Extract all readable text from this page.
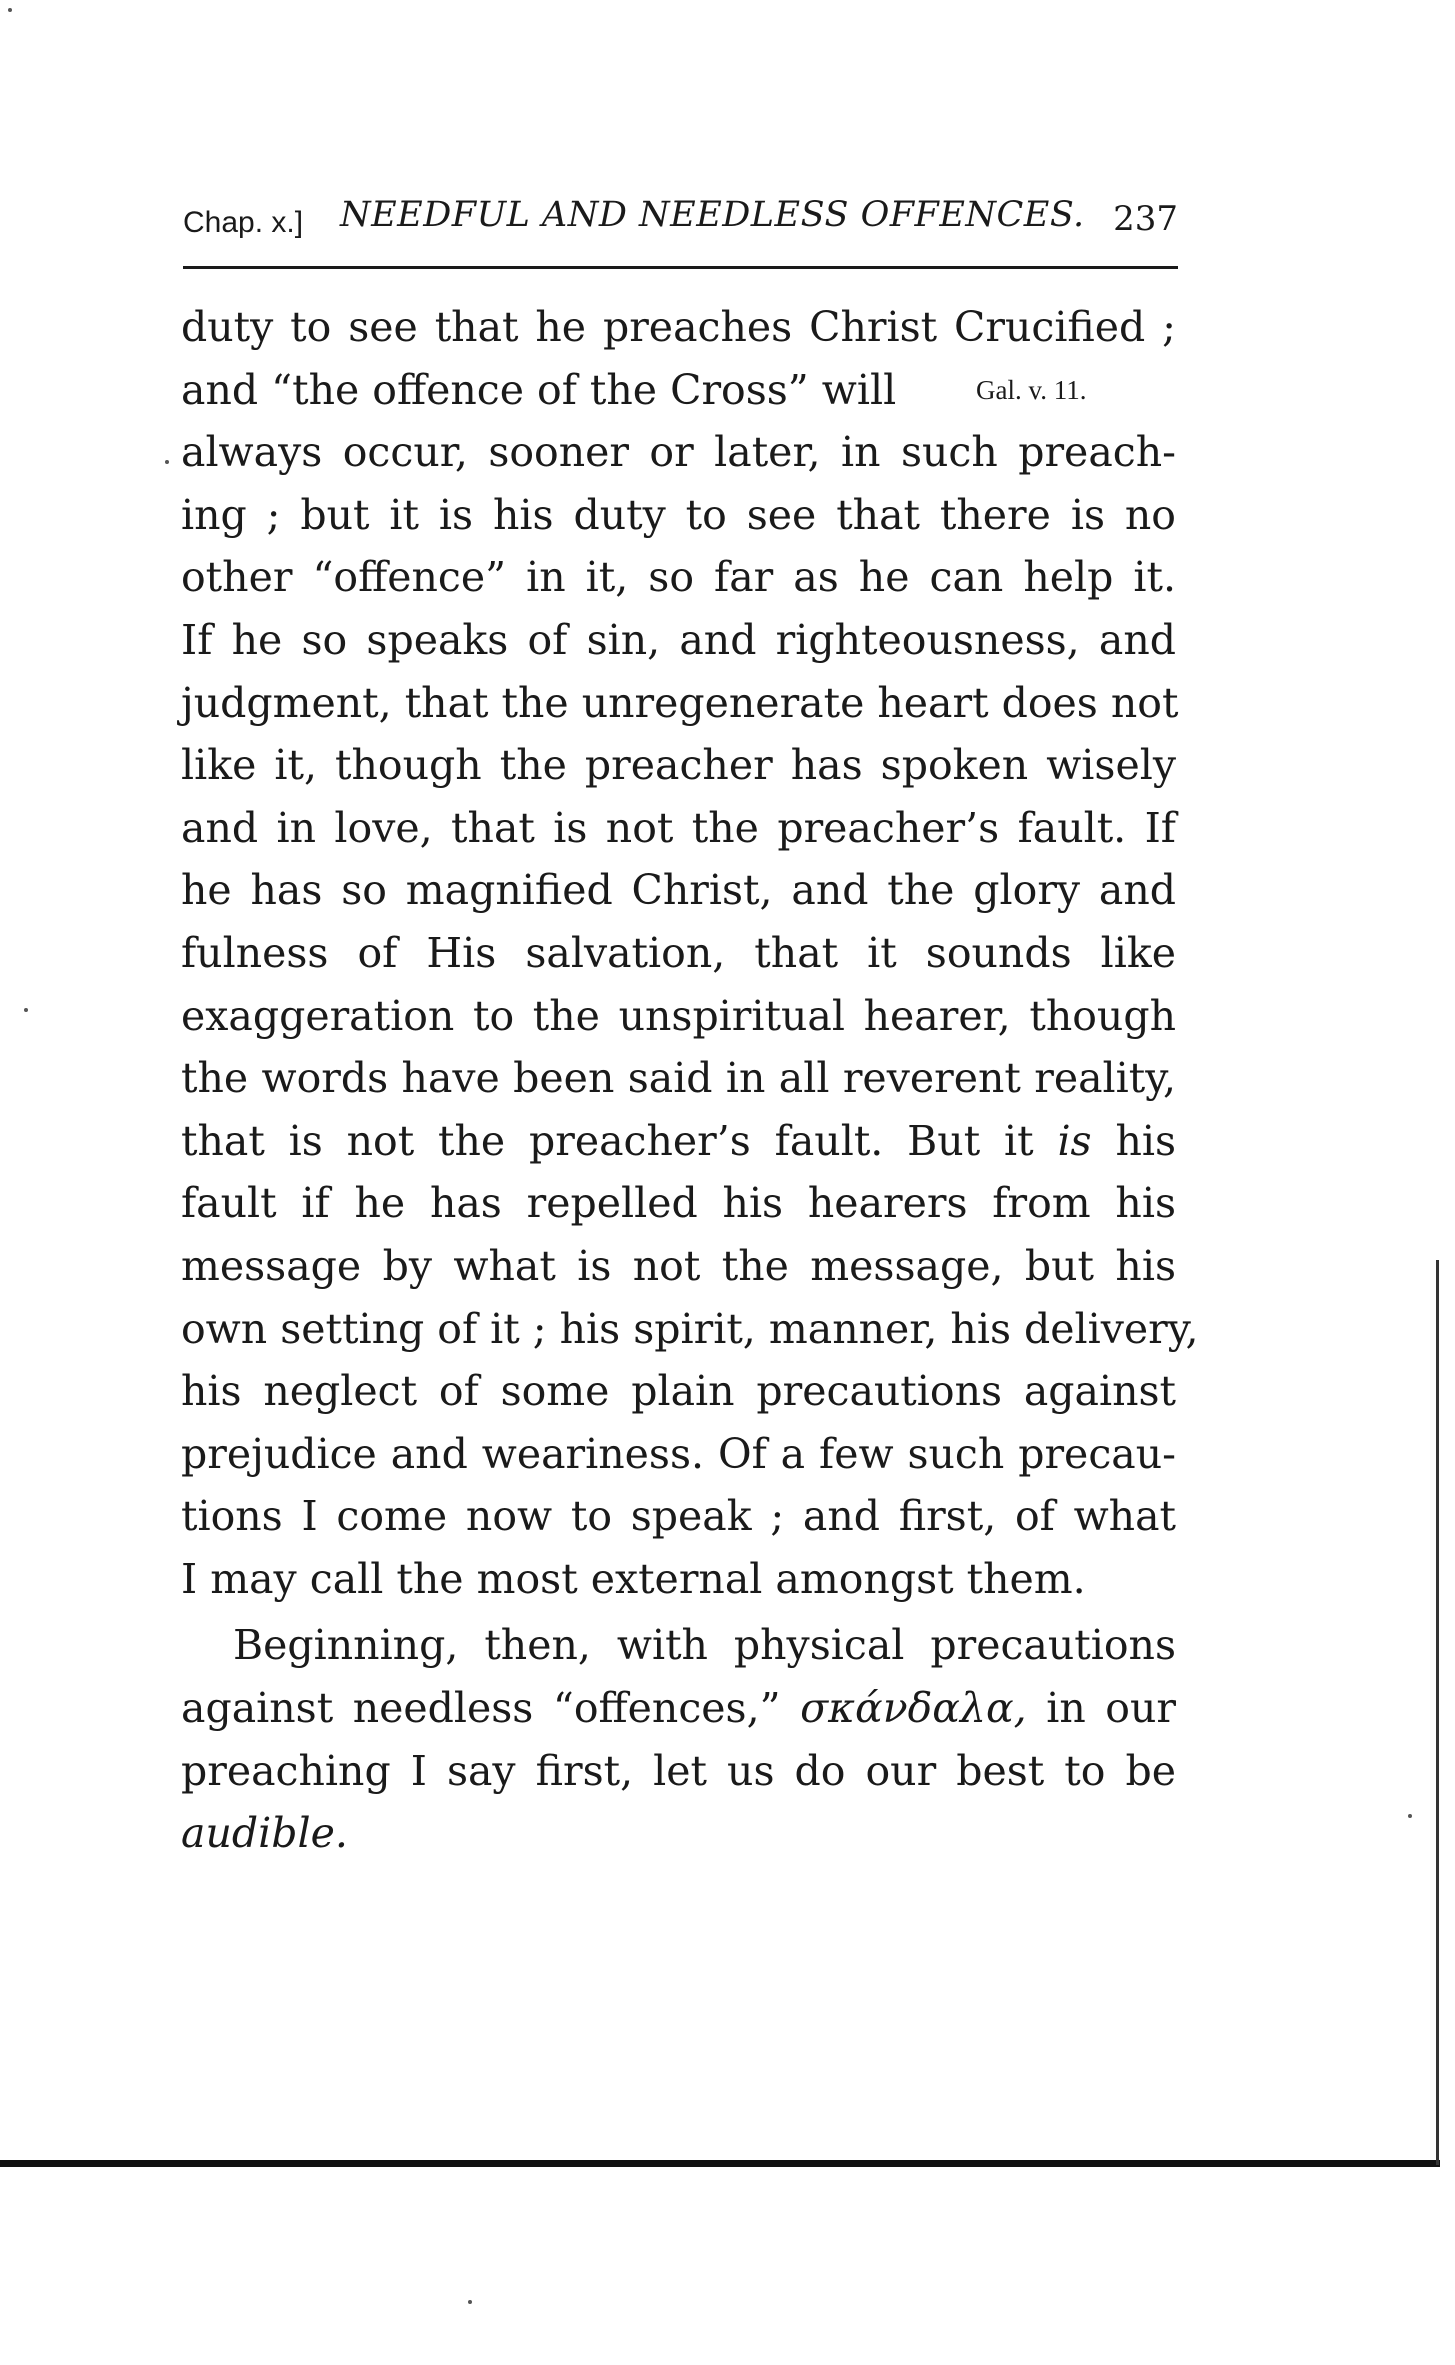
Chap. x.] NEEDFUL AND NEEDLESS OFFENCES. 237
Gal. v. 11.
duty to see that he preaches Christ Crucified ;
and “the offence of the Cross” will
always occur, sooner or later, in such preach-
ing ; but it is his duty to see that there is no
other “offence” in it, so far as he can help it.
If he so speaks of sin, and righteousness, and
judgment, that the unregenerate heart does not
like it, though the preacher has spoken wisely
and in love, that is not the preacher’s fault. If
he has so magnified Christ, and the glory and
fulness of His salvation, that it sounds like
exaggeration to the unspiritual hearer, though
the words have been said in all reverent reality,
that is not the preacher’s fault. But it is his
fault if he has repelled his hearers from his
message by what is not the message, but his
own setting of it ; his spirit, manner, his delivery,
his neglect of some plain precautions against
prejudice and weariness. Of a few such precau-
tions I come now to speak ; and first, of what
I may call the most external amongst them.
Beginning, then, with physical precautions
against needless “offences,” σκάνδαλα, in our
preaching I say first, let us do our best to be
audible.
